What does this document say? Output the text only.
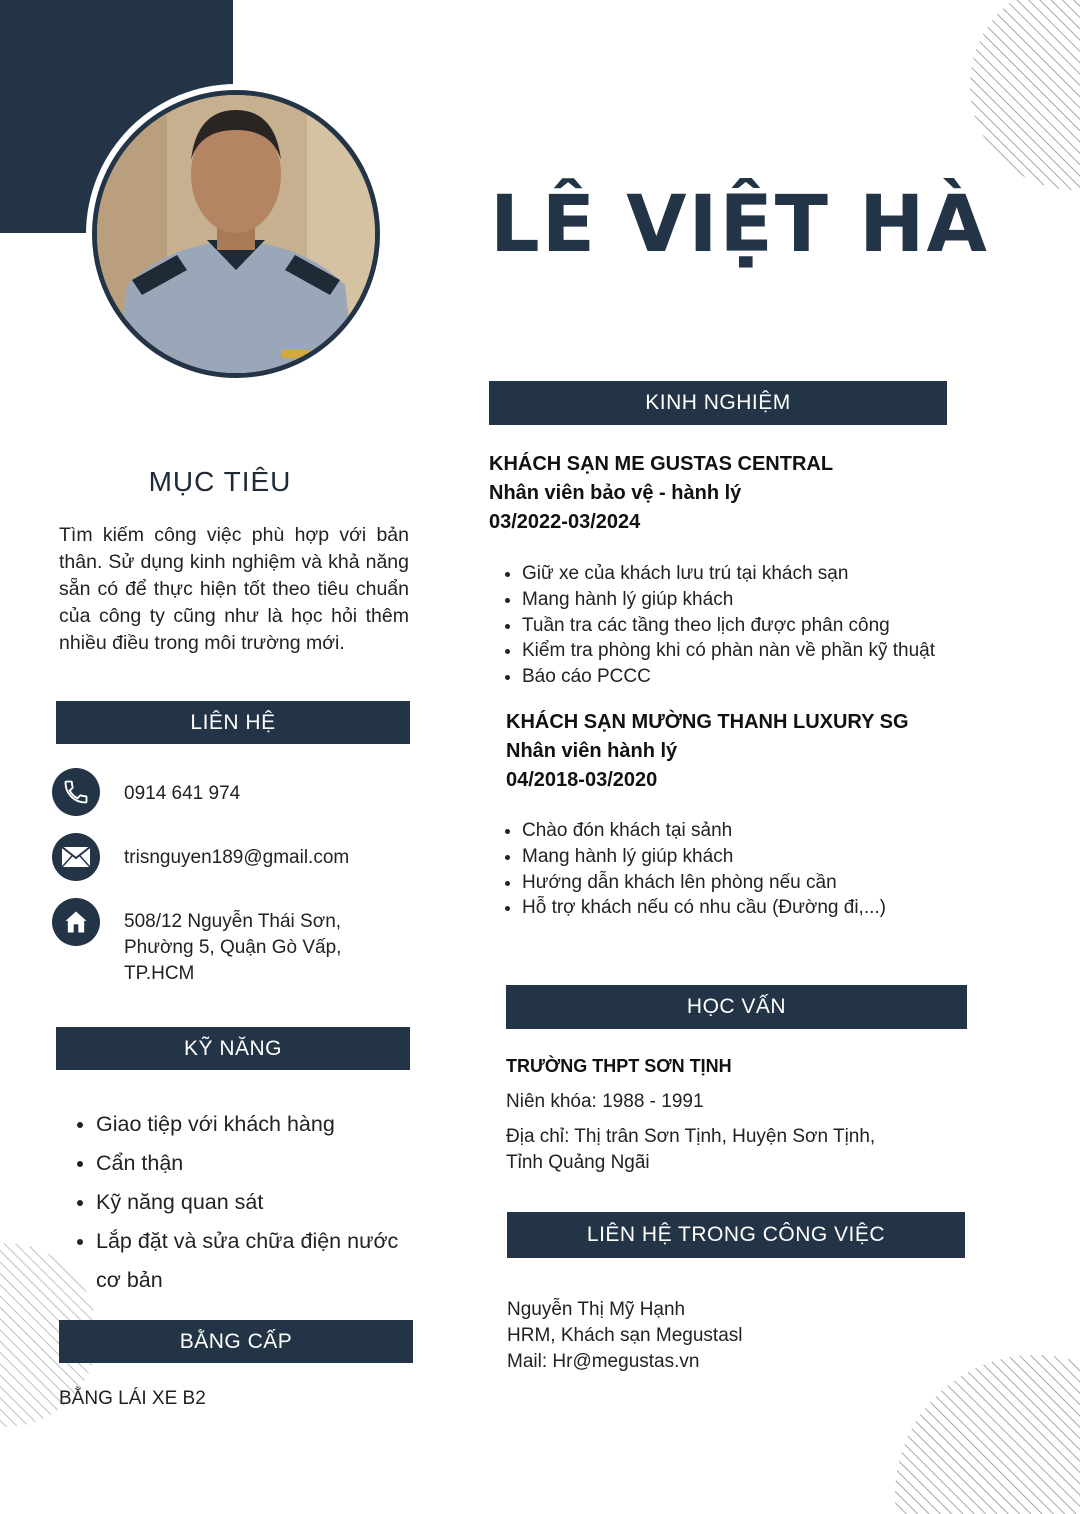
LÊ VIỆT HÀ
MỤC TIÊU
Tìm kiếm công việc phù hợp với bản thân. Sử dụng kinh nghiệm và khả năng sẵn có để thực hiện tốt theo tiêu chuẩn của công ty cũng như là học hỏi thêm nhiều điều trong môi trường mới.
LIÊN HỆ
0914 641 974
trisnguyen189@gmail.com
508/12 Nguyễn Thái Sơn,
Phường 5, Quận Gò Vấp,
TP.HCM
KỸ NĂNG
• Giao tiệp với khách hàng
• Cẩn thận
• Kỹ năng quan sát
• Lắp đặt và sửa chữa điện nước cơ bản
BẰNG CẤP
BẰNG LÁI XE B2
KINH NGHIỆM
KHÁCH SẠN ME GUSTAS CENTRAL
Nhân viên bảo vệ - hành lý
03/2022-03/2024
• Giữ xe của khách lưu trú tại khách sạn
• Mang hành lý giúp khách
• Tuần tra các tầng theo lịch được phân công
• Kiểm tra phòng khi có phàn nàn về phần kỹ thuật
• Báo cáo PCCC
KHÁCH SẠN MƯỜNG THANH LUXURY SG
Nhân viên hành lý
04/2018-03/2020
• Chào đón khách tại sảnh
• Mang hành lý giúp khách
• Hướng dẫn khách lên phòng nếu cần
• Hỗ trợ khách nếu có nhu cầu (Đường đi,...)
HỌC VẤN
TRƯỜNG THPT SƠN TỊNH
Niên khóa: 1988 - 1991
Địa chỉ: Thị trân Sơn Tịnh, Huyện Sơn Tịnh,
Tỉnh Quảng Ngãi
LIÊN HỆ TRONG CÔNG VIỆC
Nguyễn Thị Mỹ Hạnh
HRM, Khách sạn Megustasl
Mail: Hr@megustas.vn
